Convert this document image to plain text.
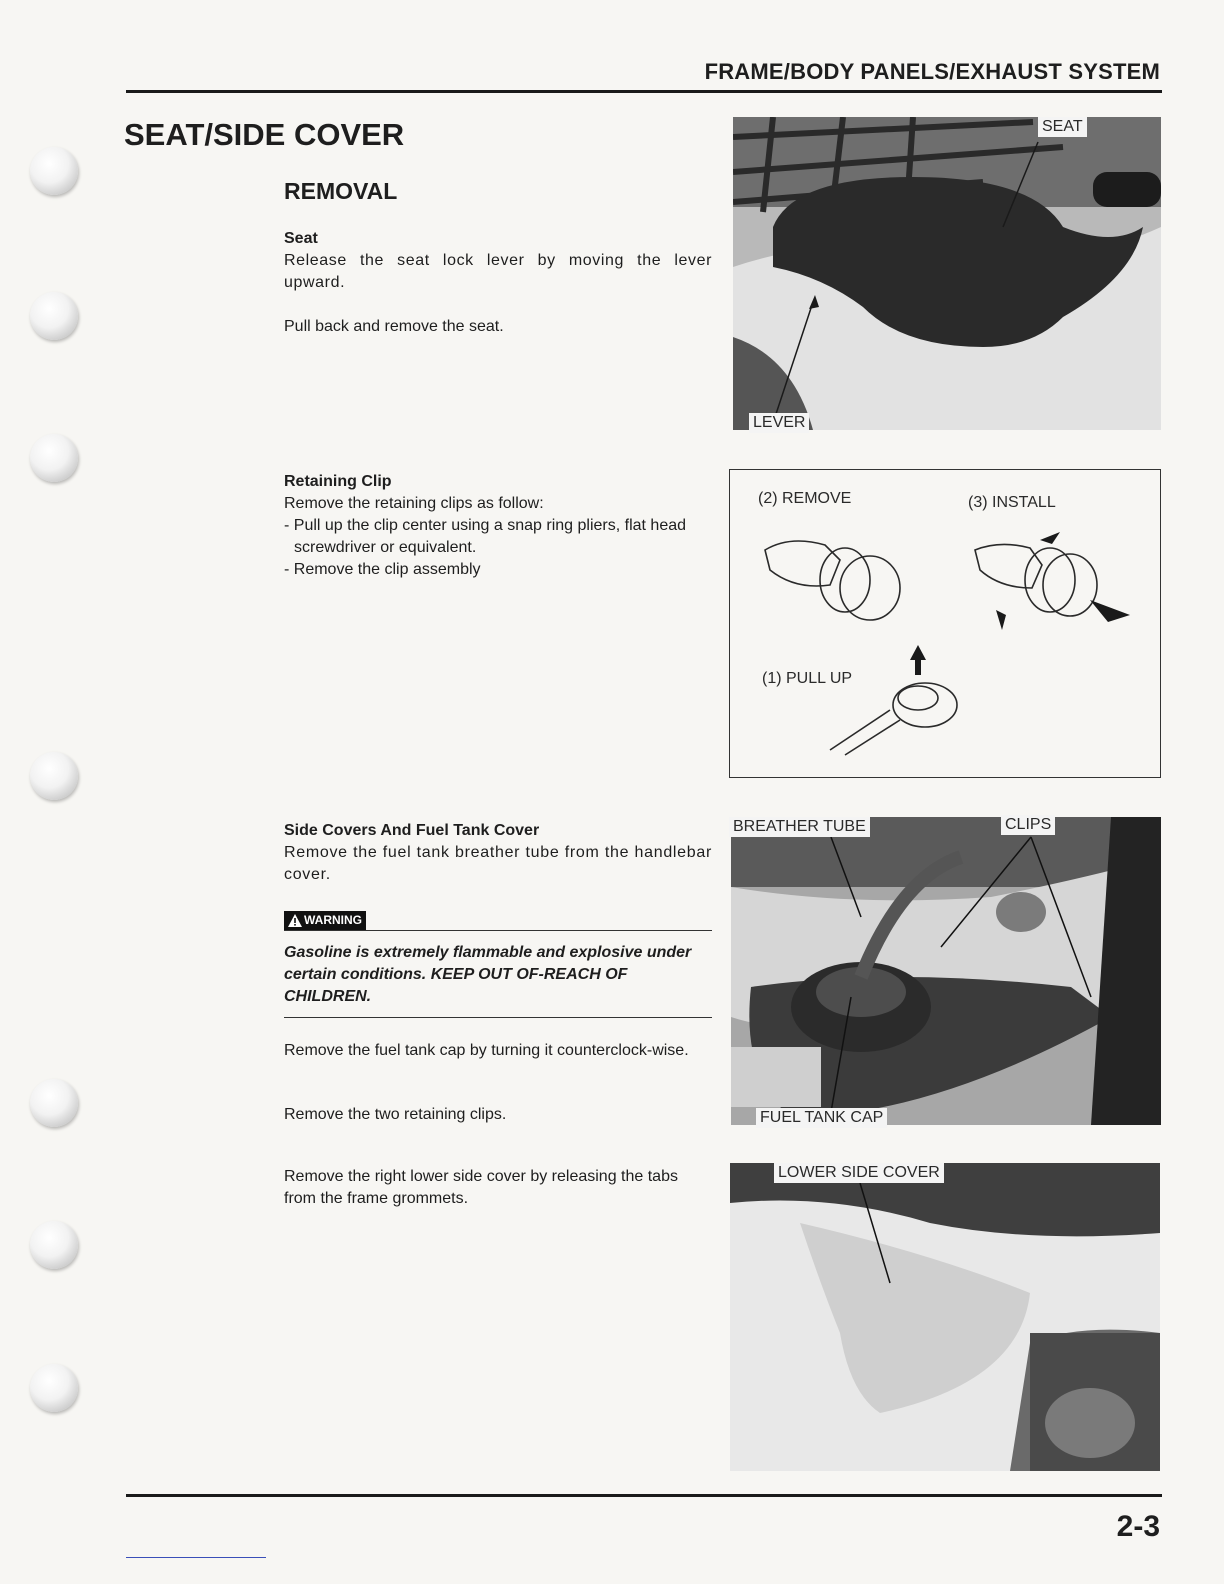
FRAME/BODY PANELS/EXHAUST SYSTEM
SEAT/SIDE COVER
REMOVAL
Seat
Release the seat lock lever by moving the lever upward.
Pull back and remove the seat.
Retaining Clip
Remove the retaining clips as follow:
- Pull up the clip center using a snap ring pliers, flat head screwdriver or equivalent.
- Remove the clip assembly
Side Covers And Fuel Tank Cover
Remove the fuel tank breather tube from the handlebar cover.
WARNING
Gasoline is extremely flammable and explosive under certain conditions. KEEP OUT OF-REACH OF CHILDREN.
Remove the fuel tank cap by turning it counterclock-wise.
Remove the two retaining clips.
Remove the right lower side cover by releasing the tabs from the frame grommets.
SEAT
LEVER
(2) REMOVE	(3) INSTALL
(1) PULL UP
BREATHER TUBE	CLIPS
FUEL TANK CAP
LOWER SIDE COVER
2-3
